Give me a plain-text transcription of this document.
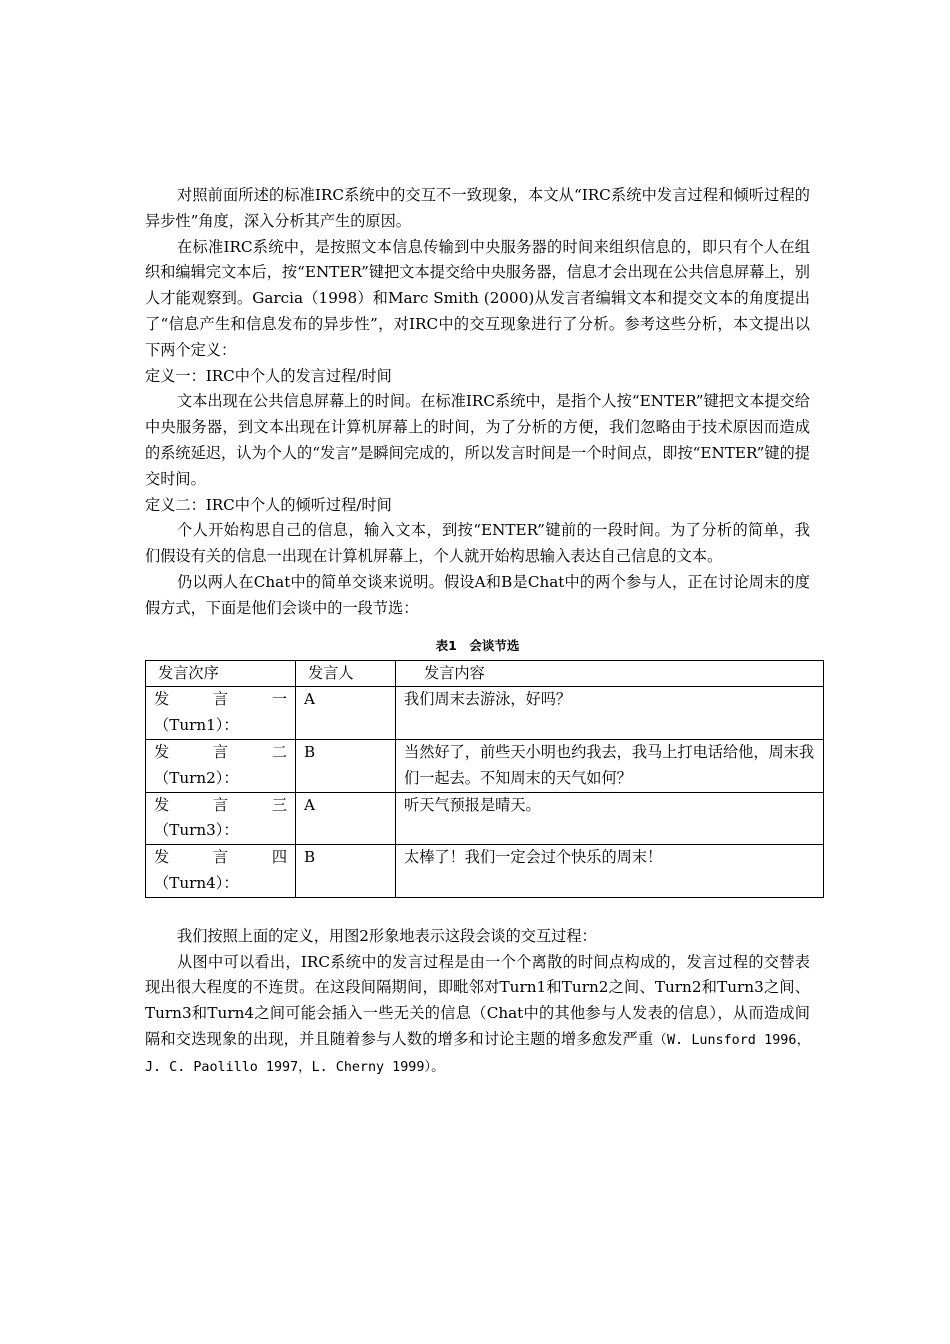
对照前面所述的标准IRC系统中的交互不一致现象，本文从“IRC系统中发言过程和倾听过程的异步性”角度，深入分析其产生的原因。

在标准IRC系统中，是按照文本信息传输到中央服务器的时间来组织信息的，即只有个人在组织和编辑完文本后，按“ENTER”键把文本提交给中央服务器，信息才会出现在公共信息屏幕上，别人才能观察到。Garcia（1998）和Marc Smith (2000)从发言者编辑文本和提交文本的角度提出了“信息产生和信息发布的异步性”，对IRC中的交互现象进行了分析。参考这些分析，本文提出以下两个定义：

定义一：IRC中个人的发言过程/时间

文本出现在公共信息屏幕上的时间。在标准IRC系统中，是指个人按“ENTER”键把文本提交给中央服务器，到文本出现在计算机屏幕上的时间，为了分析的方便，我们忽略由于技术原因而造成的系统延迟，认为个人的“发言”是瞬间完成的，所以发言时间是一个时间点，即按“ENTER”键的提交时间。

定义二：IRC中个人的倾听过程/时间

个人开始构思自己的信息，输入文本，到按“ENTER”键前的一段时间。为了分析的简单，我们假设有关的信息一出现在计算机屏幕上，个人就开始构思输入表达自己信息的文本。

仍以两人在Chat中的简单交谈来说明。假设A和B是Chat中的两个参与人，正在讨论周末的度假方式，下面是他们会谈中的一段节选：

表1　会谈节选
发言次序	发言人	发言内容

发 言 一
（Turn1）：	A	我们周末去游泳，好吗？

发 言 二
（Turn2）：	B	当然好了，前些天小明也约我去，我马上打电话给他，周末我们一起去。不知周末的天气如何？

发 言 三
（Turn3）：	A	听天气预报是晴天。

发 言 四
（Turn4）：	B	太棒了！我们一定会过个快乐的周末！

我们按照上面的定义，用图2形象地表示这段会谈的交互过程：

从图中可以看出，IRC系统中的发言过程是由一个个离散的时间点构成的，发言过程的交替表现出很大程度的不连贯。在这段间隔期间，即毗邻对Turn1和Turn2之间、Turn2和Turn3之间、Turn3和Turn4之间可能会插入一些无关的信息（Chat中的其他参与人发表的信息），从而造成间隔和交迭现象的出现，并且随着参与人数的增多和讨论主题的增多愈发严重（W. Lunsford 1996，J. C. Paolillo 1997，L. Cherny 1999）。
